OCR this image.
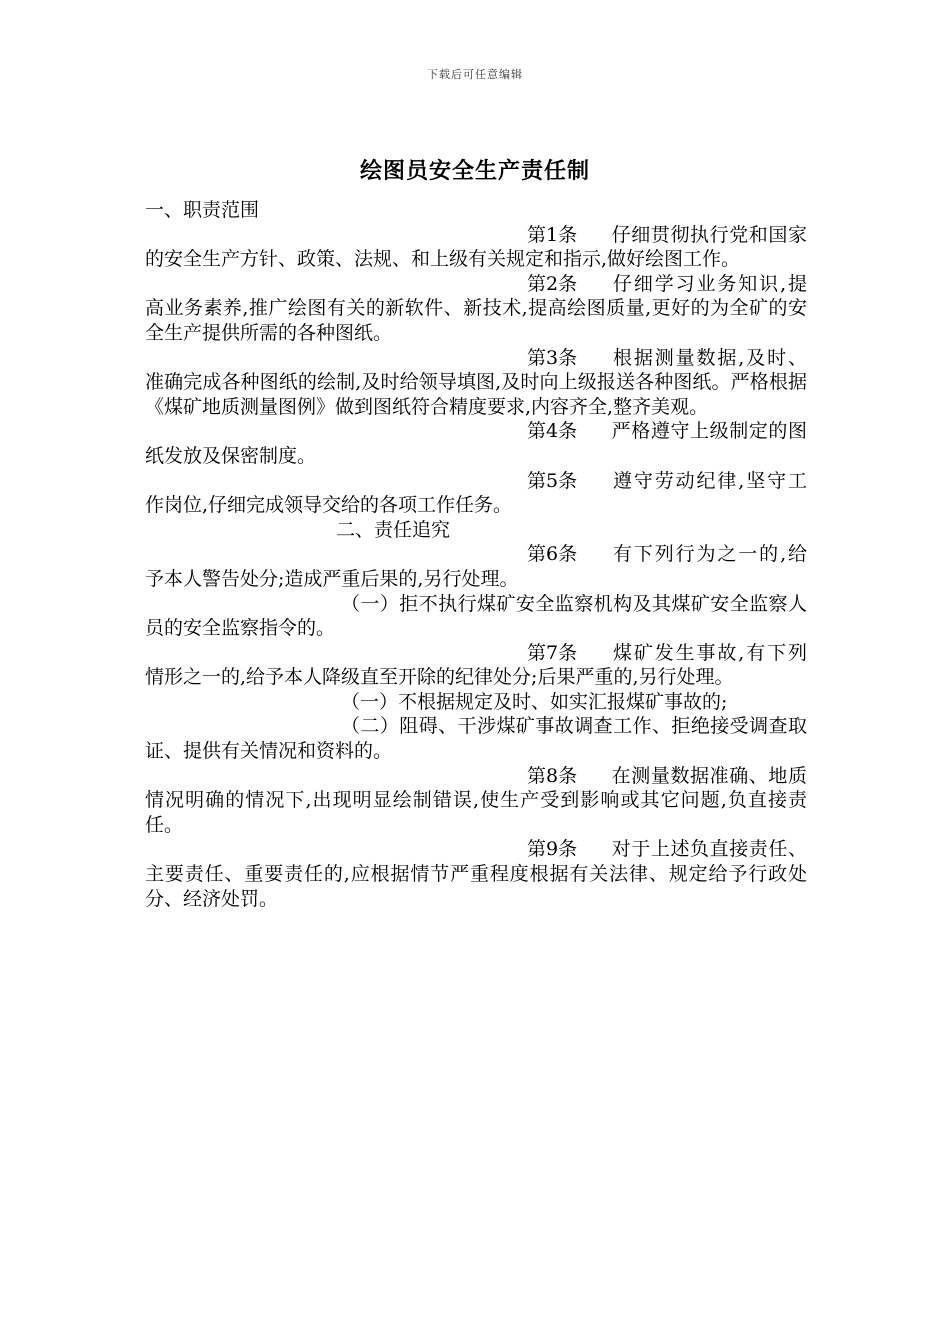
下载后可任意编辑
绘图员安全生产责任制

一、职责范围

第1条 仔细贯彻执行党和国家的安全生产方针、政策、法规、和上级有关规定和指示,做好绘图工作。

第2条 仔细学习业务知识,提高业务素养,推广绘图有关的新软件、新技术,提高绘图质量,更好的为全矿的安全生产提供所需的各种图纸。

第3条 根据测量数据,及时、准确完成各种图纸的绘制,及时给领导填图,及时向上级报送各种图纸。严格根据《煤矿地质测量图例》做到图纸符合精度要求,内容齐全,整齐美观。

第4条 严格遵守上级制定的图纸发放及保密制度。

第5条 遵守劳动纪律,坚守工作岗位,仔细完成领导交给的各项工作任务。

二、责任追究

第6条 有下列行为之一的,给予本人警告处分;造成严重后果的,另行处理。

（一）拒不执行煤矿安全监察机构及其煤矿安全监察人员的安全监察指令的。

第7条 煤矿发生事故,有下列情形之一的,给予本人降级直至开除的纪律处分;后果严重的,另行处理。

（一）不根据规定及时、如实汇报煤矿事故的;

（二）阻碍、干涉煤矿事故调查工作、拒绝接受调查取证、提供有关情况和资料的。

第8条 在测量数据准确、地质情况明确的情况下,出现明显绘制错误,使生产受到影响或其它问题,负直接责任。

第9条 对于上述负直接责任、主要责任、重要责任的,应根据情节严重程度根据有关法律、规定给予行政处分、经济处罚。
